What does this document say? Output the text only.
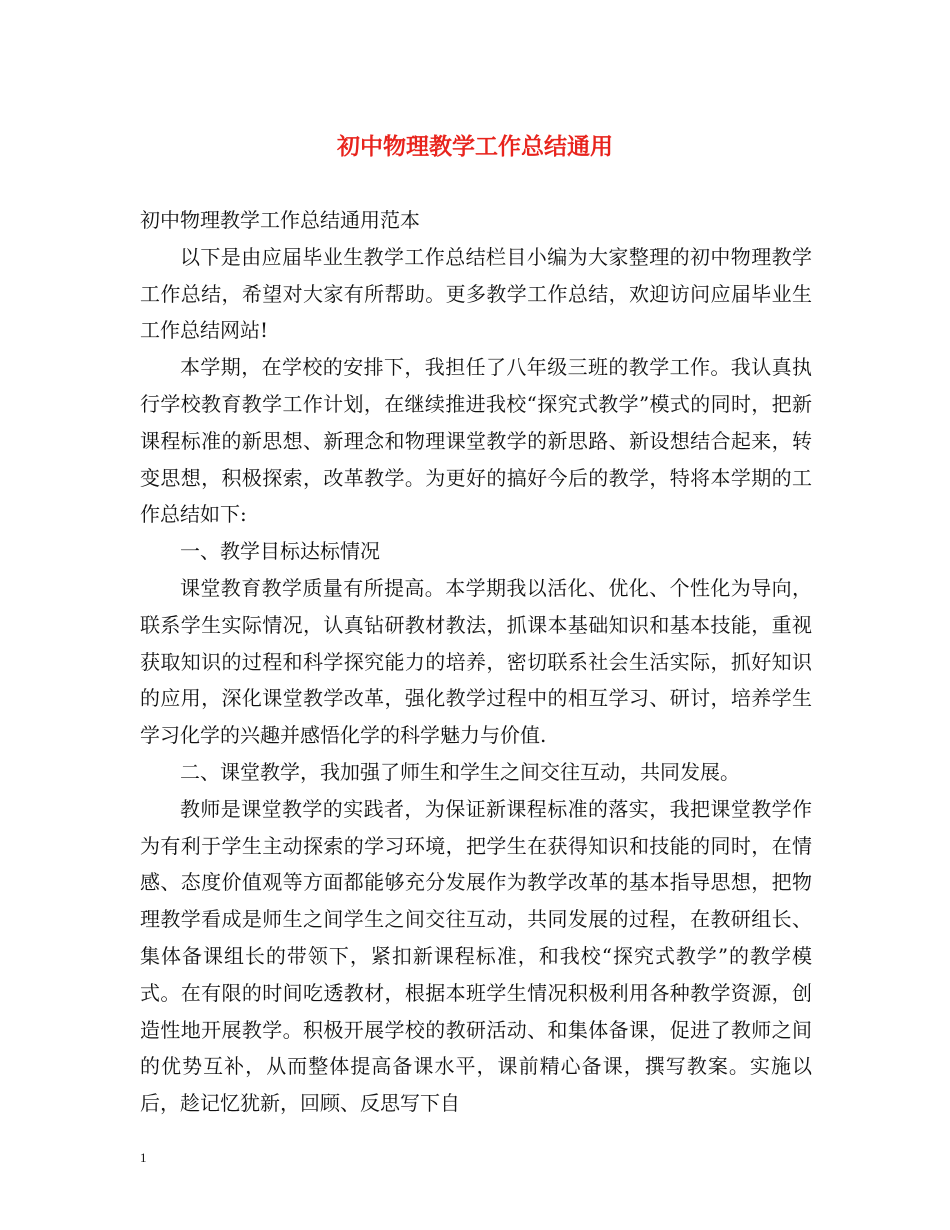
初中物理教学工作总结通用

初中物理教学工作总结通用范本

以下是由应届毕业生教学工作总结栏目小编为大家整理的初中物理教学工作总结，希望对大家有所帮助。更多教学工作总结，欢迎访问应届毕业生工作总结网站!

本学期，在学校的安排下，我担任了八年级三班的教学工作。我认真执行学校教育教学工作计划，在继续推进我校“探究式教学”模式的同时，把新课程标准的新思想、新理念和物理课堂教学的新思路、新设想结合起来，转变思想，积极探索，改革教学。为更好的搞好今后的教学，特将本学期的工作总结如下:

一、教学目标达标情况

课堂教育教学质量有所提高。本学期我以活化、优化、个性化为导向，联系学生实际情况，认真钻研教材教法，抓课本基础知识和基本技能，重视获取知识的过程和科学探究能力的培养，密切联系社会生活实际，抓好知识的应用，深化课堂教学改革，强化教学过程中的相互学习、研讨，培养学生学习化学的兴趣并感悟化学的科学魅力与价值.

二、课堂教学，我加强了师生和学生之间交往互动，共同发展。

教师是课堂教学的实践者，为保证新课程标准的落实，我把课堂教学作为有利于学生主动探索的学习环境，把学生在获得知识和技能的同时，在情感、态度价值观等方面都能够充分发展作为教学改革的基本指导思想，把物理教学看成是师生之间学生之间交往互动，共同发展的过程，在教研组长、集体备课组长的带领下，紧扣新课程标准，和我校“探究式教学”的教学模式。在有限的时间吃透教材，根据本班学生情况积极利用各种教学资源，创造性地开展教学。积极开展学校的教研活动、和集体备课，促进了教师之间的优势互补，从而整体提高备课水平，课前精心备课，撰写教案。实施以后，趁记忆犹新，回顾、反思写下自

1
